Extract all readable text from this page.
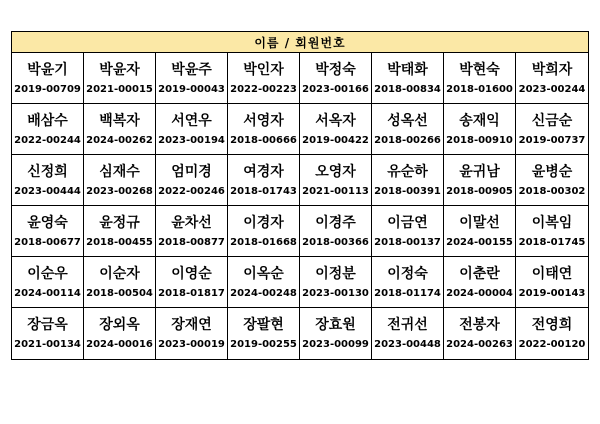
이름 / 회원번호
박윤기
2019-00709
박윤자
2021-00015
박윤주
2019-00043
박인자
2022-00223
박정숙
2023-00166
박태화
2018-00834
박현숙
2018-01600
박희자
2023-00244
배삼수
2022-00244
백복자
2024-00262
서연우
2023-00194
서영자
2018-00666
서옥자
2019-00422
성옥선
2018-00266
송재익
2018-00910
신금순
2019-00737
신정희
2023-00444
심재수
2023-00268
엄미경
2022-00246
여경자
2018-01743
오영자
2021-00113
유순하
2018-00391
윤귀남
2018-00905
윤병순
2018-00302
윤영숙
2018-00677
윤정규
2018-00455
윤차선
2018-00877
이경자
2018-01668
이경주
2018-00366
이금연
2018-00137
이말선
2024-00155
이복임
2018-01745
이순우
2024-00114
이순자
2018-00504
이영순
2018-01817
이옥순
2024-00248
이정분
2023-00130
이정숙
2018-01174
이춘란
2024-00004
이태연
2019-00143
장금옥
2021-00134
장외옥
2024-00016
장재연
2023-00019
장팔현
2019-00255
장효원
2023-00099
전귀선
2023-00448
전봉자
2024-00263
전영희
2022-00120
